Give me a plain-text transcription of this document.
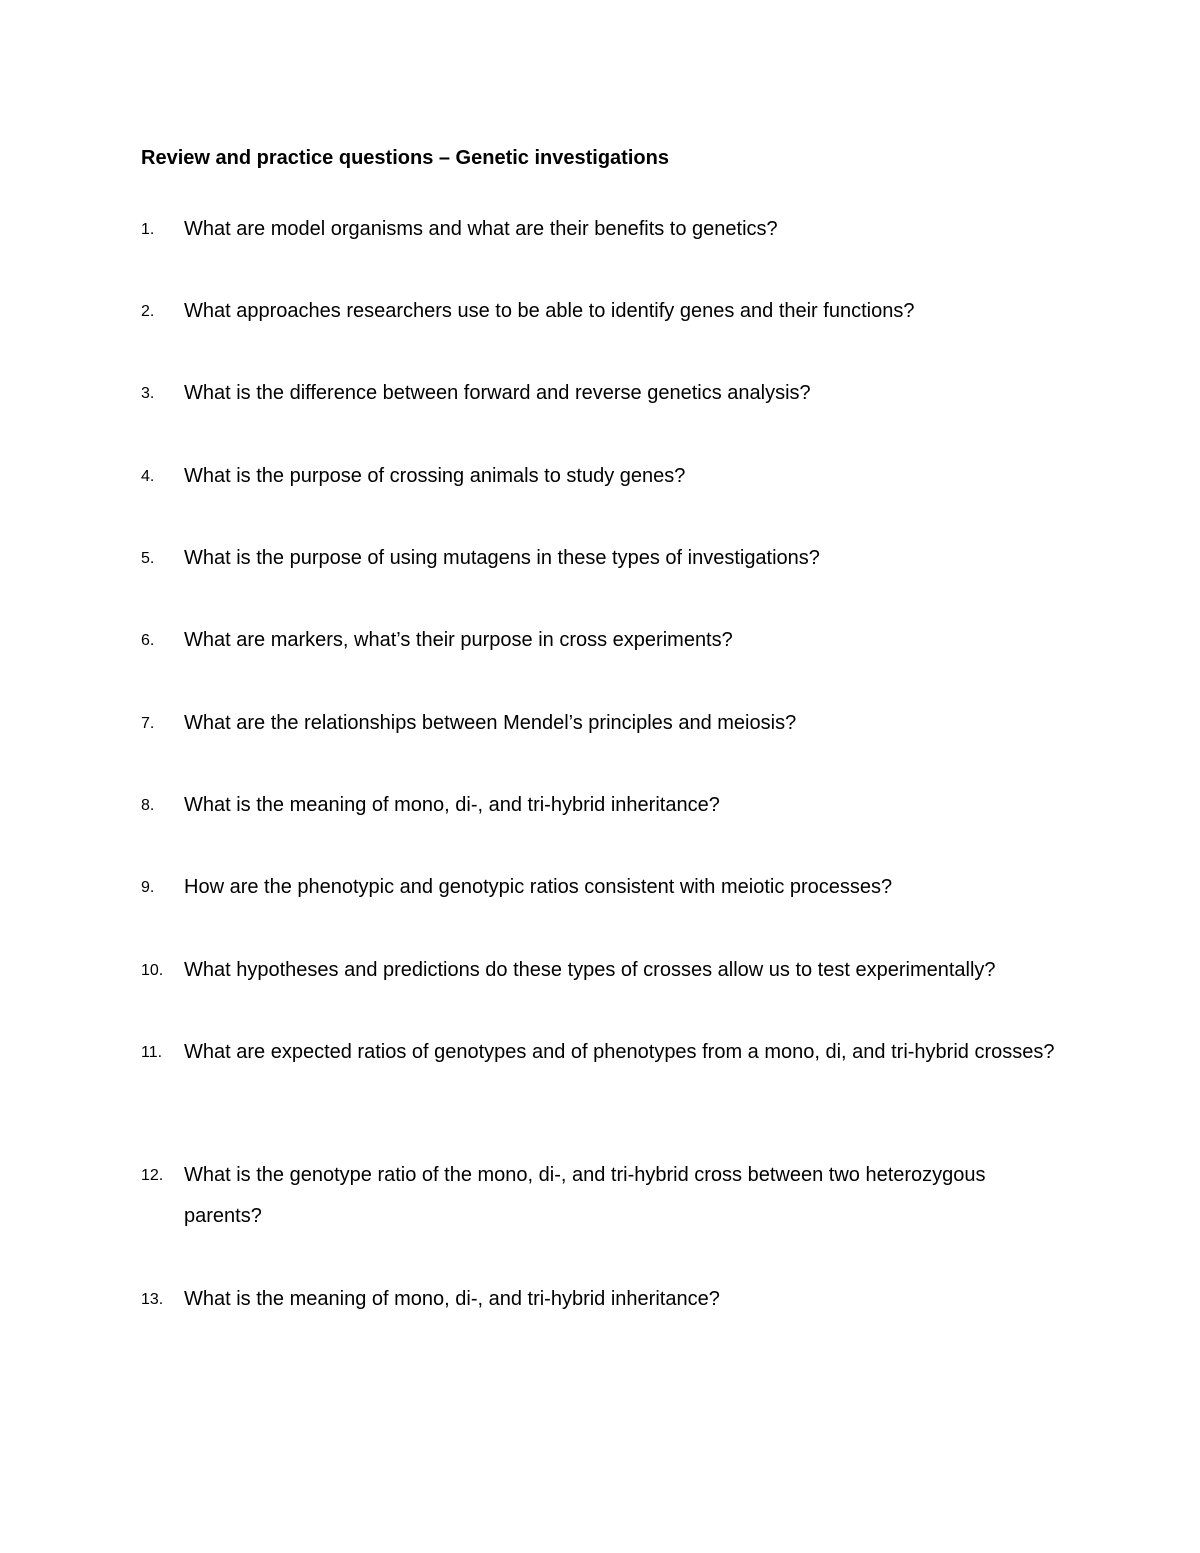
Review and practice questions – Genetic investigations
1.	What are model organisms and what are their benefits to genetics?
2.	What approaches researchers use to be able to identify genes and their functions?
3.	What is the difference between forward and reverse genetics analysis?
4.	What is the purpose of crossing animals to study genes?
5.	What is the purpose of using mutagens in these types of investigations?
6.	What are markers, what’s their purpose in cross experiments?
7.	What are the relationships between Mendel’s principles and meiosis?
8.	What is the meaning of mono, di-, and tri-hybrid inheritance?
9.	How are the phenotypic and genotypic ratios consistent with meiotic processes?
10.	What hypotheses and predictions do these types of crosses allow us to test experimentally?
11.	What are expected ratios of genotypes and of phenotypes from a mono, di, and tri-hybrid crosses?
12.	What is the genotype ratio of the mono, di-, and tri-hybrid cross between two heterozygous parents?
13.	What is the meaning of mono, di-, and tri-hybrid inheritance?
